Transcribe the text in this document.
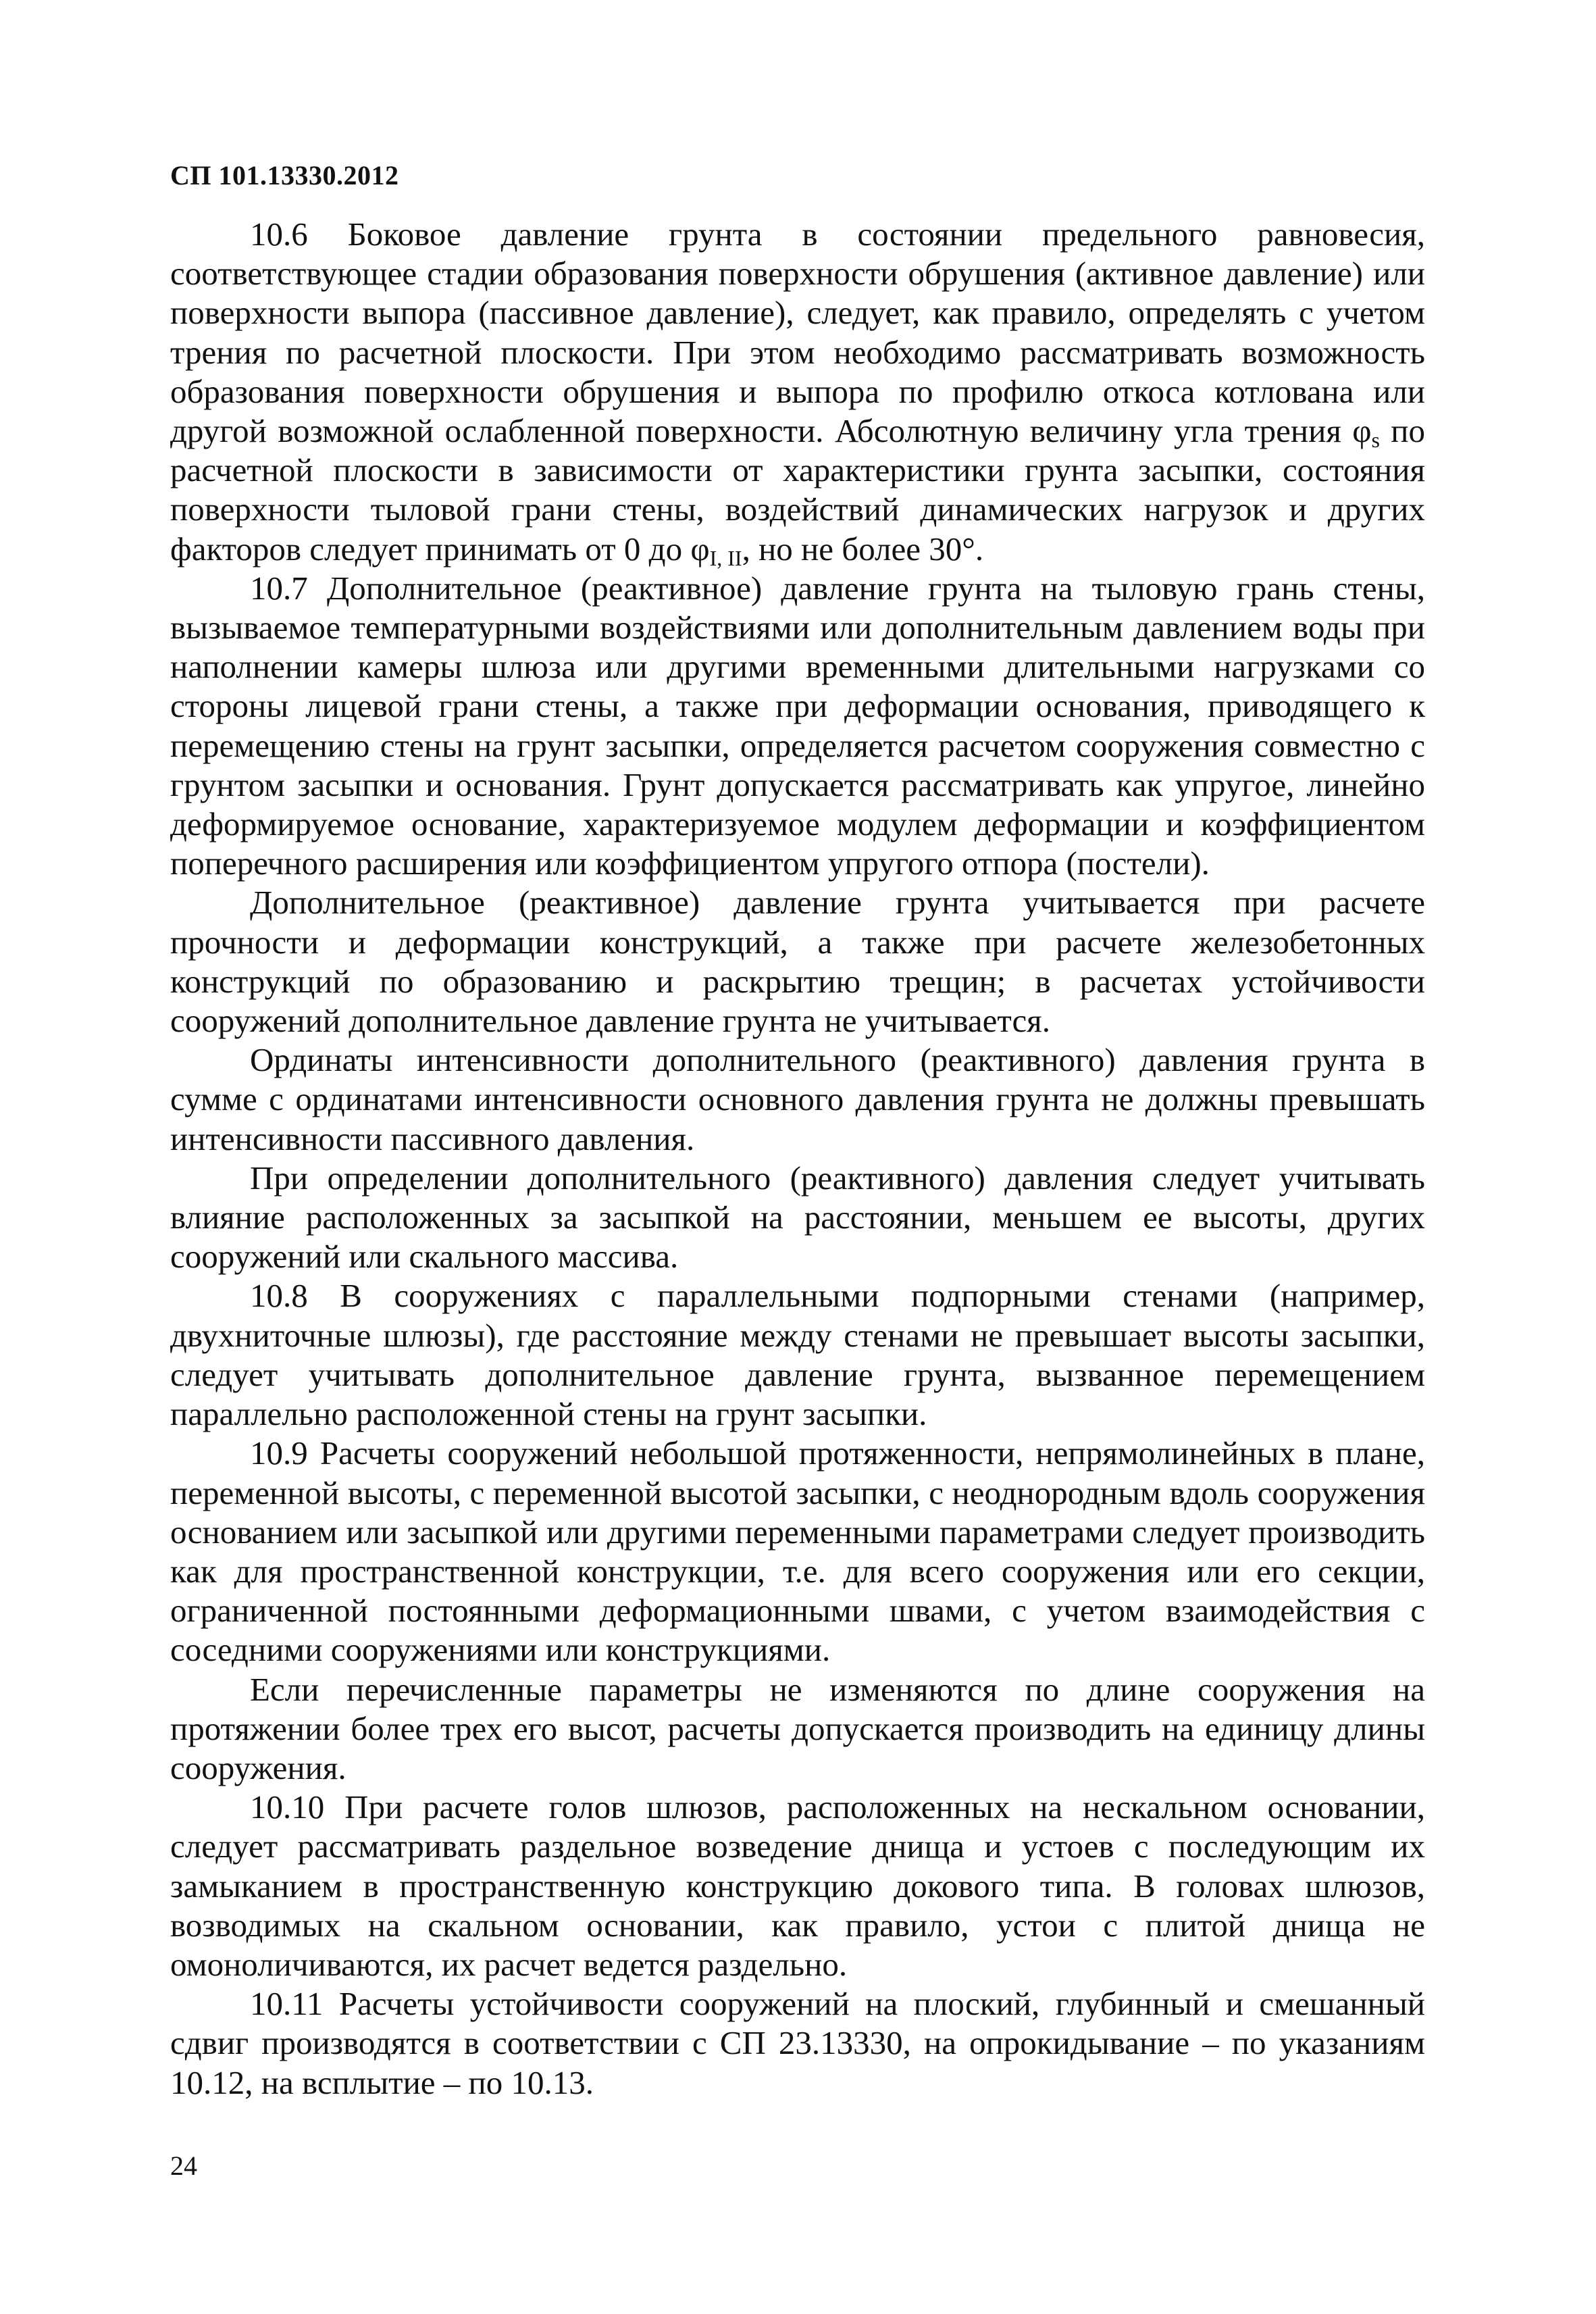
СП 101.13330.2012

10.6 Боковое давление грунта в состоянии предельного равновесия, соответствующее стадии образования поверхности обрушения (активное давление) или поверхности выпора (пассивное давление), следует, как правило, определять с учетом трения по расчетной плоскости. При этом необходимо рассматривать возможность образования поверхности обрушения и выпора по профилю откоса котлована или другой возможной ослабленной поверхности. Абсолютную величину угла трения $\varphi_s$ по расчетной плоскости в зависимости от характеристики грунта засыпки, состояния поверхности тыловой грани стены, воздействий динамических нагрузок и других факторов следует принимать от 0 до $\varphi_{I, II}$, но не более 30°.

10.7 Дополнительное (реактивное) давление грунта на тыловую грань стены, вызываемое температурными воздействиями или дополнительным давлением воды при наполнении камеры шлюза или другими временными длительными нагрузками со стороны лицевой грани стены, а также при деформации основания, приводящего к перемещению стены на грунт засыпки, определяется расчетом сооружения совместно с грунтом засыпки и основания. Грунт допускается рассматривать как упругое, линейно деформируемое основание, характеризуемое модулем деформации и коэффициентом поперечного расширения или коэффициентом упругого отпора (постели).

Дополнительное (реактивное) давление грунта учитывается при расчете прочности и деформации конструкций, а также при расчете железобетонных конструкций по образованию и раскрытию трещин; в расчетах устойчивости сооружений дополнительное давление грунта не учитывается.

Ординаты интенсивности дополнительного (реактивного) давления грунта в сумме с ординатами интенсивности основного давления грунта не должны превышать интенсивности пассивного давления.

При определении дополнительного (реактивного) давления следует учитывать влияние расположенных за засыпкой на расстоянии, меньшем ее высоты, других сооружений или скального массива.

10.8 В сооружениях с параллельными подпорными стенами (например, двухниточные шлюзы), где расстояние между стенами не превышает высоты засыпки, следует учитывать дополнительное давление грунта, вызванное перемещением параллельно расположенной стены на грунт засыпки.

10.9 Расчеты сооружений небольшой протяженности, непрямолинейных в плане, переменной высоты, с переменной высотой засыпки, с неоднородным вдоль сооружения основанием или засыпкой или другими переменными параметрами следует производить как для пространственной конструкции, т.е. для всего сооружения или его секции, ограниченной постоянными деформационными швами, с учетом взаимодействия с соседними сооружениями или конструкциями.

Если перечисленные параметры не изменяются по длине сооружения на протяжении более трех его высот, расчеты допускается производить на единицу длины сооружения.

10.10 При расчете голов шлюзов, расположенных на нескальном основании, следует рассматривать раздельное возведение днища и устоев с последующим их замыканием в пространственную конструкцию докового типа. В головах шлюзов, возводимых на скальном основании, как правило, устои с плитой днища не омоноличиваются, их расчет ведется раздельно.

10.11 Расчеты устойчивости сооружений на плоский, глубинный и смешанный сдвиг производятся в соответствии с СП 23.13330, на опрокидывание – по указаниям 10.12, на всплытие – по 10.13.

24
